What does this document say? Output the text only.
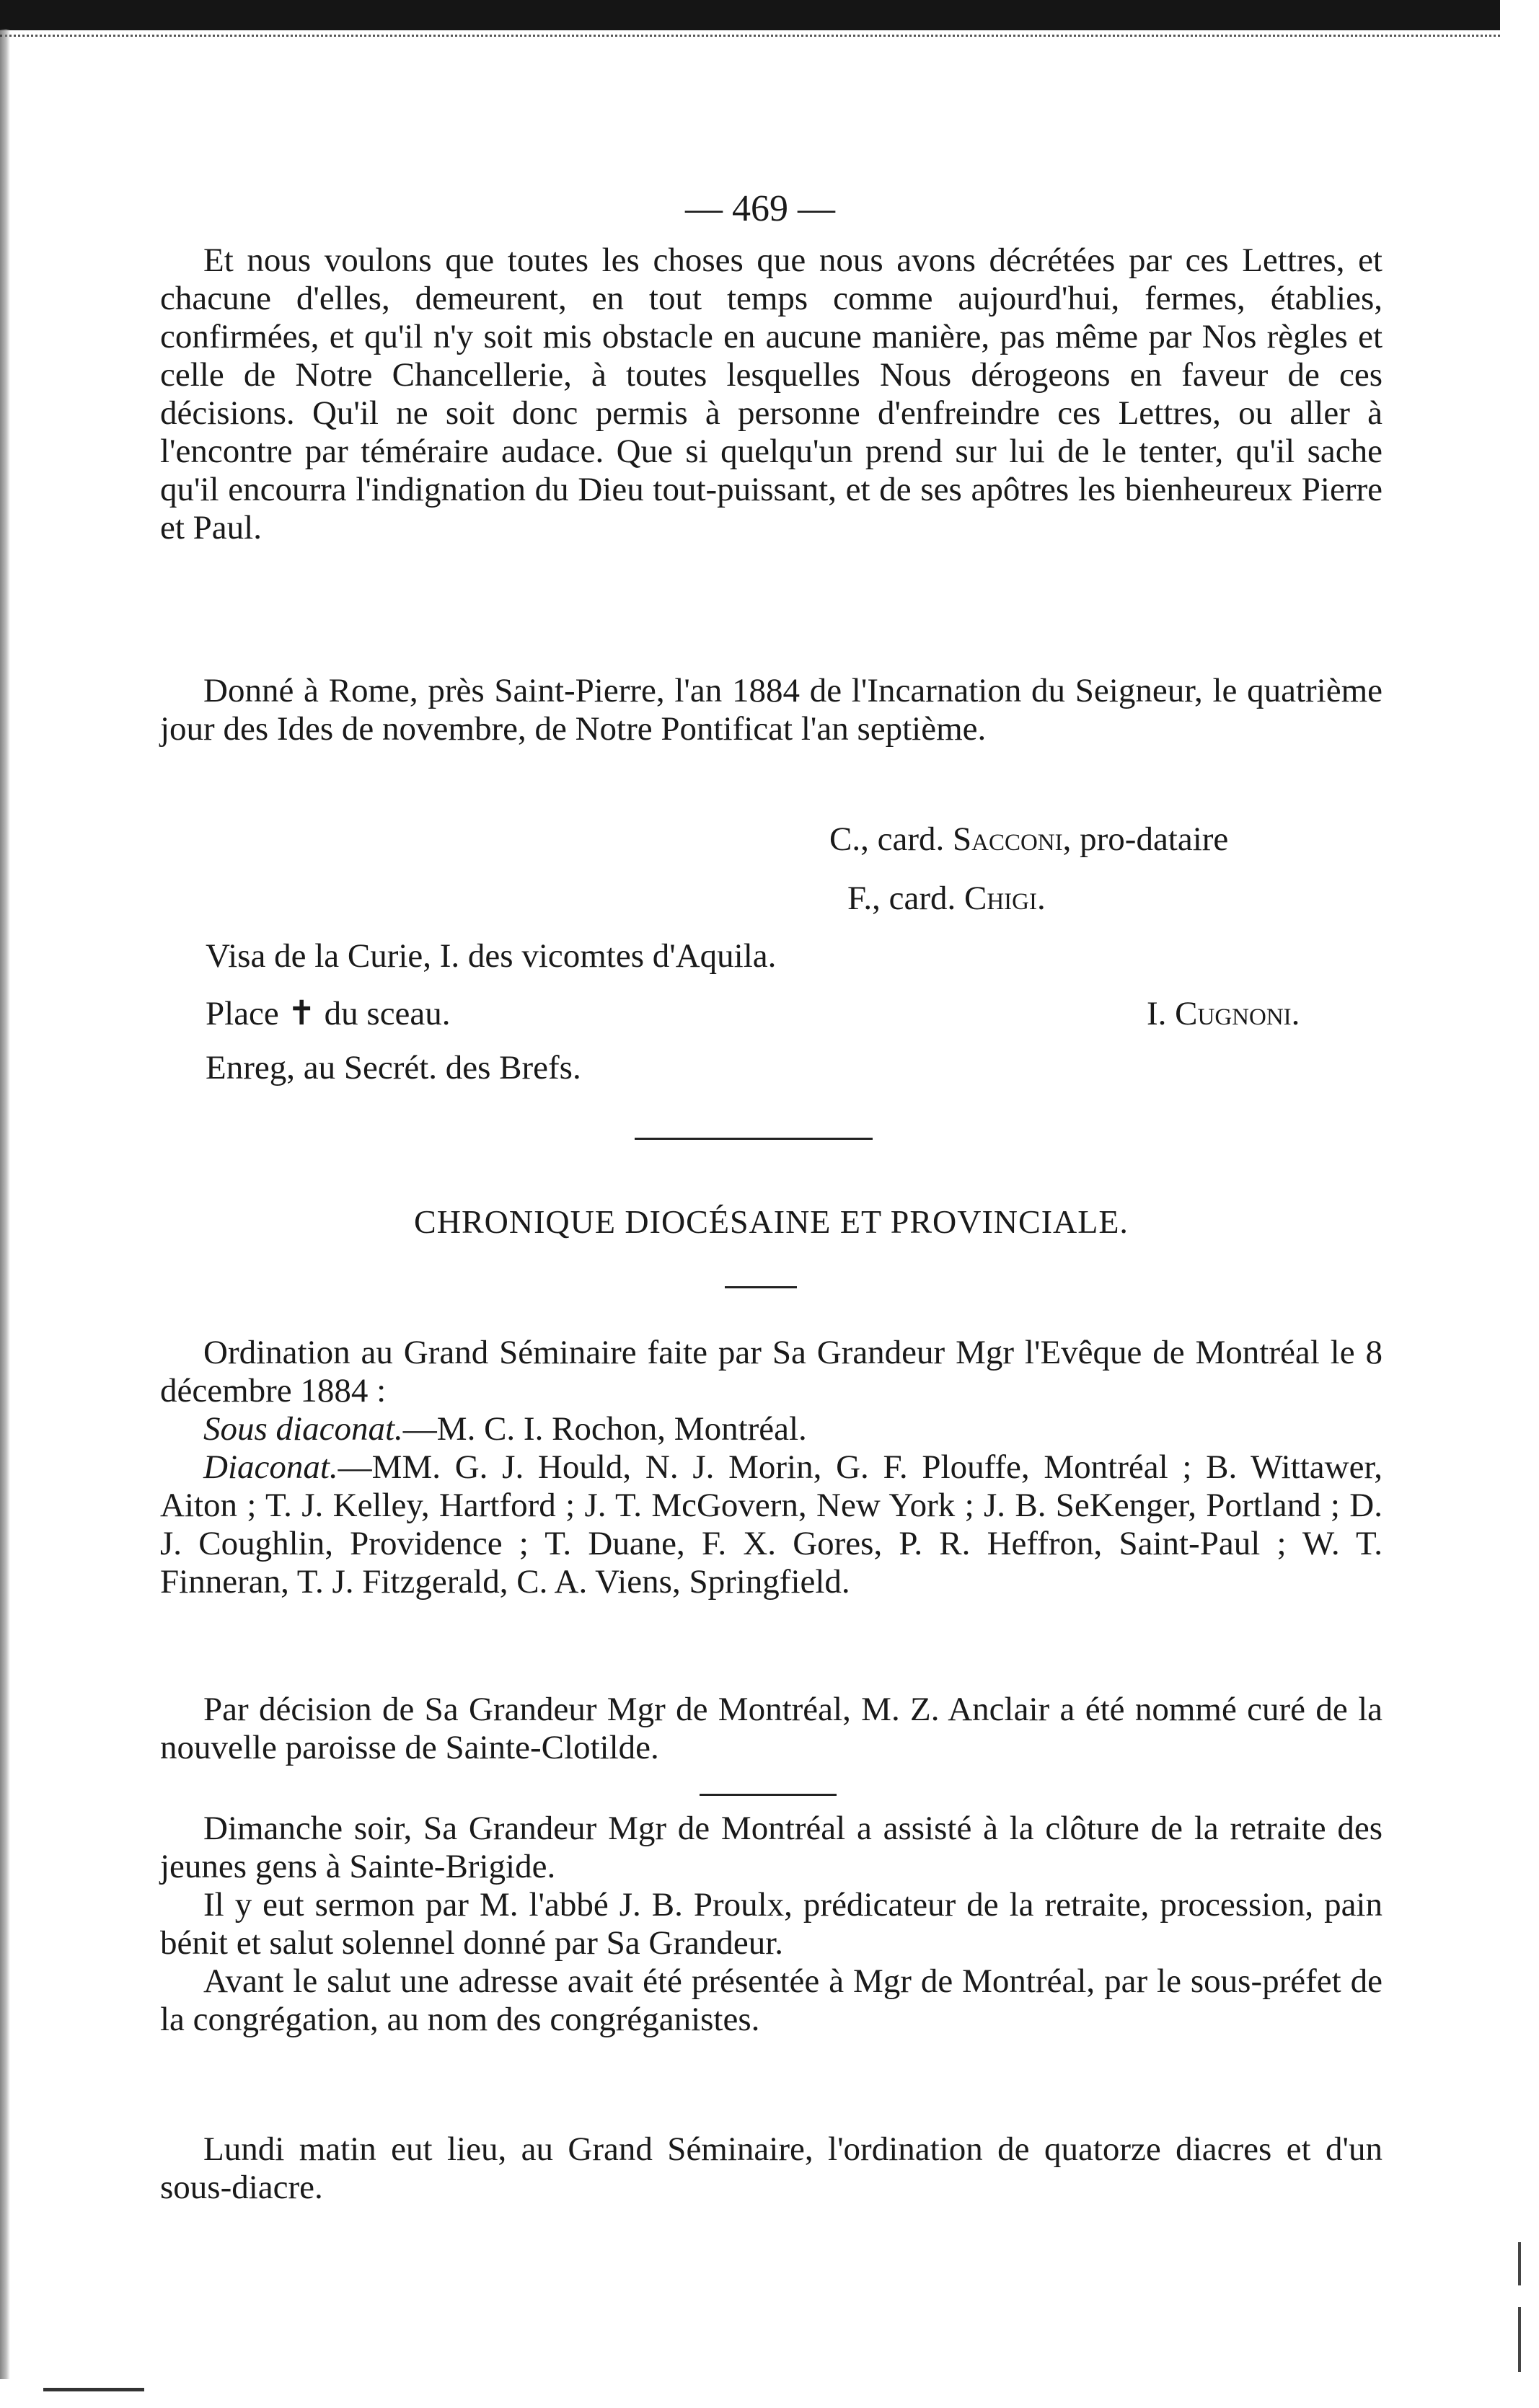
— 469 —

Et nous voulons que toutes les choses que nous avons décrétées par ces Lettres, et chacune d'elles, demeurent, en tout temps comme aujourd'hui, fermes, établies, confirmées, et qu'il n'y soit mis obstacle en aucune manière, pas même par Nos règles et celle de Notre Chancellerie, à toutes lesquelles Nous dérogeons en faveur de ces décisions. Qu'il ne soit donc permis à personne d'enfreindre ces Lettres, ou aller à l'encontre par téméraire audace. Que si quelqu'un prend sur lui de le tenter, qu'il sache qu'il encourra l'indignation du Dieu tout-puissant, et de ses apôtres les bienheureux Pierre et Paul.

Donné à Rome, près Saint-Pierre, l'an 1884 de l'Incarnation du Seigneur, le quatrième jour des Ides de novembre, de Notre Pontificat l'an septième.

C., card. Sacconi, pro-dataire
F., card. Chigi.
Visa de la Curie, I. des vicomtes d'Aquila.
Place ✝ du sceau.	I. Cugnoni.
Enreg, au Secrét. des Brefs.
CHRONIQUE DIOCÉSAINE ET PROVINCIALE.

Ordination au Grand Séminaire faite par Sa Grandeur Mgr l'Evêque de Montréal le 8 décembre 1884 :

Sous diaconat.—M. C. I. Rochon, Montréal.

Diaconat.—MM. G. J. Hould, N. J. Morin, G. F. Plouffe, Montréal ; B. Wittawer, Aiton ; T. J. Kelley, Hartford ; J. T. McGovern, New York ; J. B. SeKenger, Portland ; D. J. Coughlin, Providence ; T. Duane, F. X. Gores, P. R. Heffron, Saint-Paul ; W. T. Finneran, T. J. Fitzgerald, C. A. Viens, Springfield.

Par décision de Sa Grandeur Mgr de Montréal, M. Z. Anclair a été nommé curé de la nouvelle paroisse de Sainte-Clotilde.

Dimanche soir, Sa Grandeur Mgr de Montréal a assisté à la clôture de la retraite des jeunes gens à Sainte-Brigide.

Il y eut sermon par M. l'abbé J. B. Proulx, prédicateur de la retraite, procession, pain bénit et salut solennel donné par Sa Grandeur.

Avant le salut une adresse avait été présentée à Mgr de Montréal, par le sous-préfet de la congrégation, au nom des congréganistes.

Lundi matin eut lieu, au Grand Séminaire, l'ordination de quatorze diacres et d'un sous-diacre.
